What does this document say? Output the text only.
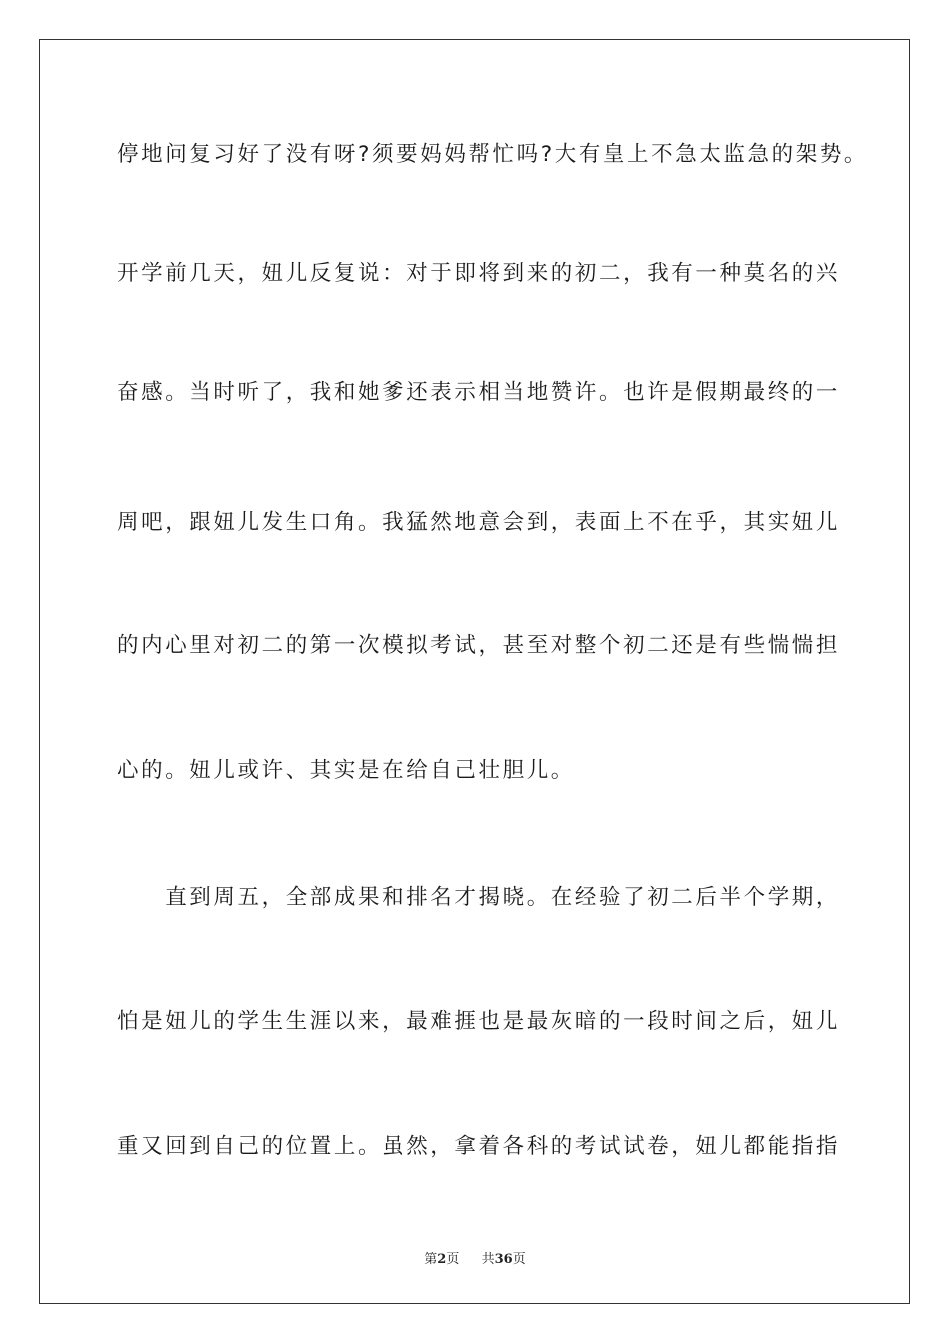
停地问复习好了没有呀?须要妈妈帮忙吗?大有皇上不急太监急的架势。
开学前几天，妞儿反复说：对于即将到来的初二，我有一种莫名的兴
奋感。当时听了，我和她爹还表示相当地赞许。也许是假期最终的一
周吧，跟妞儿发生口角。我猛然地意会到，表面上不在乎，其实妞儿
的内心里对初二的第一次模拟考试，甚至对整个初二还是有些惴惴担
心的。妞儿或许、其实是在给自己壮胆儿。
　　直到周五，全部成果和排名才揭晓。在经验了初二后半个学期，
怕是妞儿的学生生涯以来，最难捱也是最灰暗的一段时间之后，妞儿
重又回到自己的位置上。虽然，拿着各科的考试试卷，妞儿都能指指
第2页 共36页
